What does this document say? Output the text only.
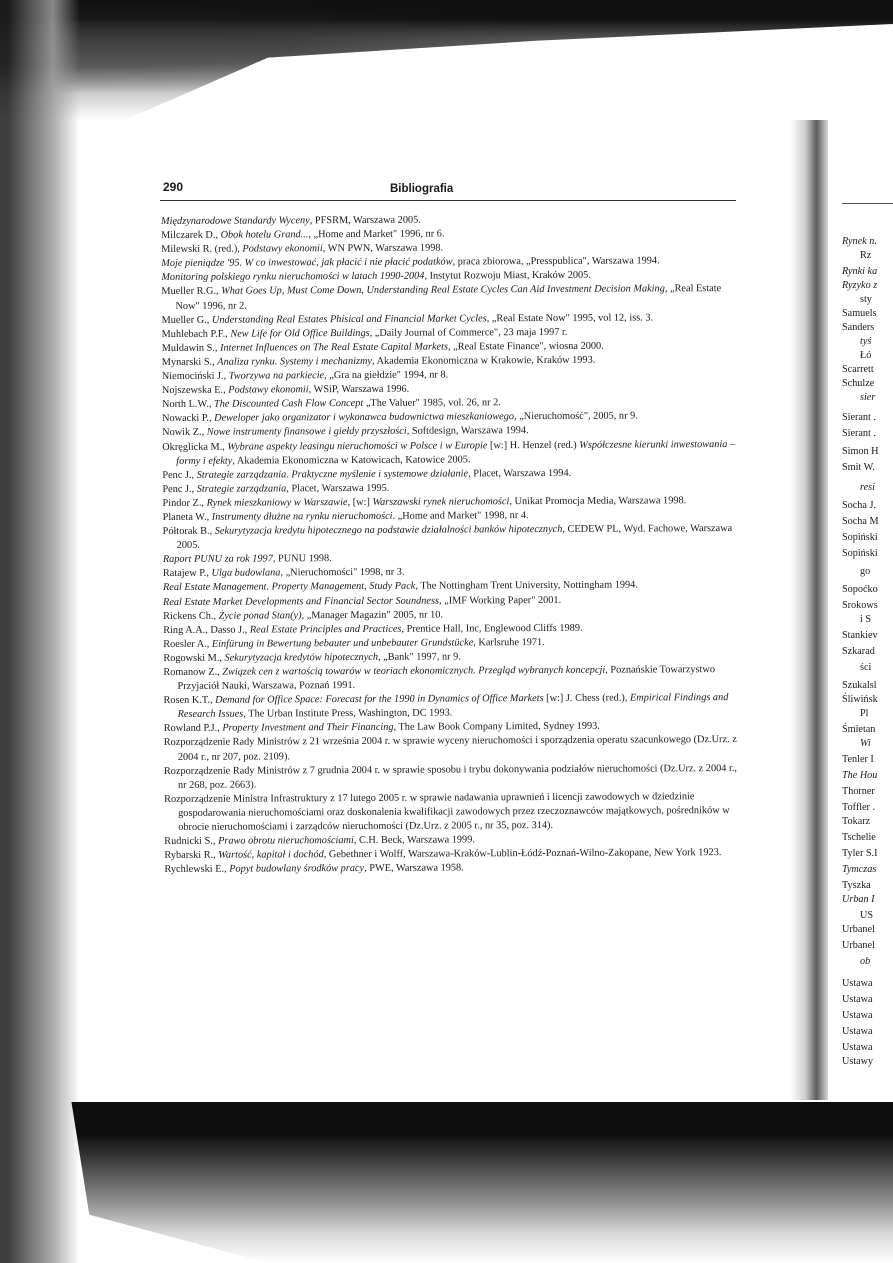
290	Bibliografia
Międzynarodowe Standardy Wyceny, PFSRM, Warszawa 2005.
Milczarek D., Obok hotelu Grand..., „Home and Market" 1996, nr 6.
Milewski R. (red.), Podstawy ekonomii, WN PWN, Warszawa 1998.
Moje pieniądze '95. W co inwestować, jak płacić i nie płacić podatków, praca zbiorowa, „Presspublica", Warszawa 1994.
Monitoring polskiego rynku nieruchomości w latach 1990-2004, Instytut Rozwoju Miast, Kraków 2005.
Mueller R.G., What Goes Up, Must Come Down, Understanding Real Estate Cycles Can Aid Investment Decision Making, „Real Estate Now" 1996, nr 2.
Mueller G., Understanding Real Estates Phisical and Financial Market Cycles, „Real Estate Now" 1995, vol 12, iss. 3.
Muhlebach P.F., New Life for Old Office Buildings, „Daily Journal of Commerce", 23 maja 1997 r.
Muldawin S., Internet Influences on The Real Estate Capital Markets, „Real Estate Finance", wiosna 2000.
Mynarski S., Analiza rynku. Systemy i mechanizmy, Akademia Ekonomiczna w Krakowie, Kraków 1993.
Niemociński J., Tworzywa na parkiecie, „Gra na giełdzie" 1994, nr 8.
Nojszewska E., Podstawy ekonomii, WSiP, Warszawa 1996.
North L.W., The Discounted Cash Flow Concept „The Valuer" 1985, vol. 26, nr 2.
Nowacki P., Deweloper jako organizator i wykonawca budownictwa mieszkaniowego, „Nieruchomość", 2005, nr 9.
Nowik Z., Nowe instrumenty finansowe i giełdy przyszłości, Softdesign, Warszawa 1994.
Okręglicka M., Wybrane aspekty leasingu nieruchomości w Polsce i w Europie [w:] H. Henzel (red.) Współczesne kierunki inwestowania – formy i efekty, Akademia Ekonomiczna w Katowicach, Katowice 2005.
Penc J., Strategie zarządzania. Praktyczne myślenie i systemowe działanie, Placet, Warszawa 1994.
Penc J., Strategie zarządzania, Placet, Warszawa 1995.
Pindor Z., Rynek mieszkaniowy w Warszawie, [w:] Warszawski rynek nieruchomości, Unikat Promocja Media, Warszawa 1998.
Planeta W., Instrumenty dłużne na rynku nieruchomości. „Home and Market" 1998, nr 4.
Półtorak B., Sekurytyzacja kredytu hipotecznego na podstawie działalności banków hipotecznych, CEDEW PL, Wyd. Fachowe, Warszawa 2005.
Raport PUNU za rok 1997, PUNU 1998.
Ratajew P., Ulga budowlana, „Nieruchomości" 1998, nr 3.
Real Estate Management. Property Management, Study Pack, The Nottingham Trent University, Nottingham 1994.
Real Estate Market Developments and Financial Sector Soundness, „IMF Working Paper" 2001.
Rickens Ch., Życie ponad Stan(y), „Manager Magazin" 2005, nr 10.
Ring A.A., Dasso J., Real Estate Principles and Practices, Prentice Hall, Inc, Englewood Cliffs 1989.
Roesler A., Einfürung in Bewertung bebauter und unbebauter Grundstücke, Karlsruhe 1971.
Rogowski M., Sekurytyzacja kredytów hipotecznych, „Bank" 1997, nr 9.
Romanow Z., Związek cen z wartością towarów w teoriach ekonomicznych. Przegląd wybranych koncepcji, Poznańskie Towarzystwo Przyjaciół Nauki, Warszawa, Poznań 1991.
Rosen K.T., Demand for Office Space: Forecast for the 1990 in Dynamics of Office Markets [w:] J. Chess (red.), Empirical Findings and Research Issues, The Urban Institute Press, Washington, DC 1993.
Rowland P.J., Property Investment and Their Financing, The Law Book Company Limited, Sydney 1993.
Rozporządzenie Rady Ministrów z 21 września 2004 r. w sprawie wyceny nieruchomości i sporządzenia operatu szacunkowego (Dz.Urz. z 2004 r., nr 207, poz. 2109).
Rozporządzenie Rady Ministrów z 7 grudnia 2004 r. w sprawie sposobu i trybu dokonywania podziałów nieruchomości (Dz.Urz. z 2004 r., nr 268, poz. 2663).
Rozporządzenie Ministra Infrastruktury z 17 lutego 2005 r. w sprawie nadawania uprawnień i licencji zawodowych w dziedzinie gospodarowania nieruchomościami oraz doskonalenia kwalifikacji zawodowych przez rzeczoznawców majątkowych, pośredników w obrocie nieruchomościami i zarządców nieruchomości (Dz.Urz. z 2005 r., nr 35, poz. 314).
Rudnicki S., Prawo obrotu nieruchomościami, C.H. Beck, Warszawa 1999.
Rybarski R., Wartość, kapitał i dochód, Gebethner i Wolff, Warszawa-Kraków-Lublin-Łódź-Poznań-Wilno-Zakopane, New York 1923.
Rychlewski E., Popyt budowlany środków pracy, PWE, Warszawa 1958.
Rynek n.
Rz
Rynki ka
Ryzyko z
sty
Samuels
Sanders
tyś
Łó
Scarrett
Schulze
sier
Sierant .
Sierant .
Simon H
Smit W.
resi
Socha J.
Socha M
Sopiński
Sopiński
go
Sopoćko
Srokows
i S
Stankiev
Szkarad
ści
Szukalsl
Śliwińsk
Pl
Śmietan
Wi
Tenler I
The Hou
Thorner
Toffler .
Tokarz
Tschelie
Tyler S.I
Tymczas
Tyszka
Urban I
US
Urbanel
Urbanel
ob
Ustawa
Ustawa
Ustawa
Ustawa
Ustawa
Ustawy
